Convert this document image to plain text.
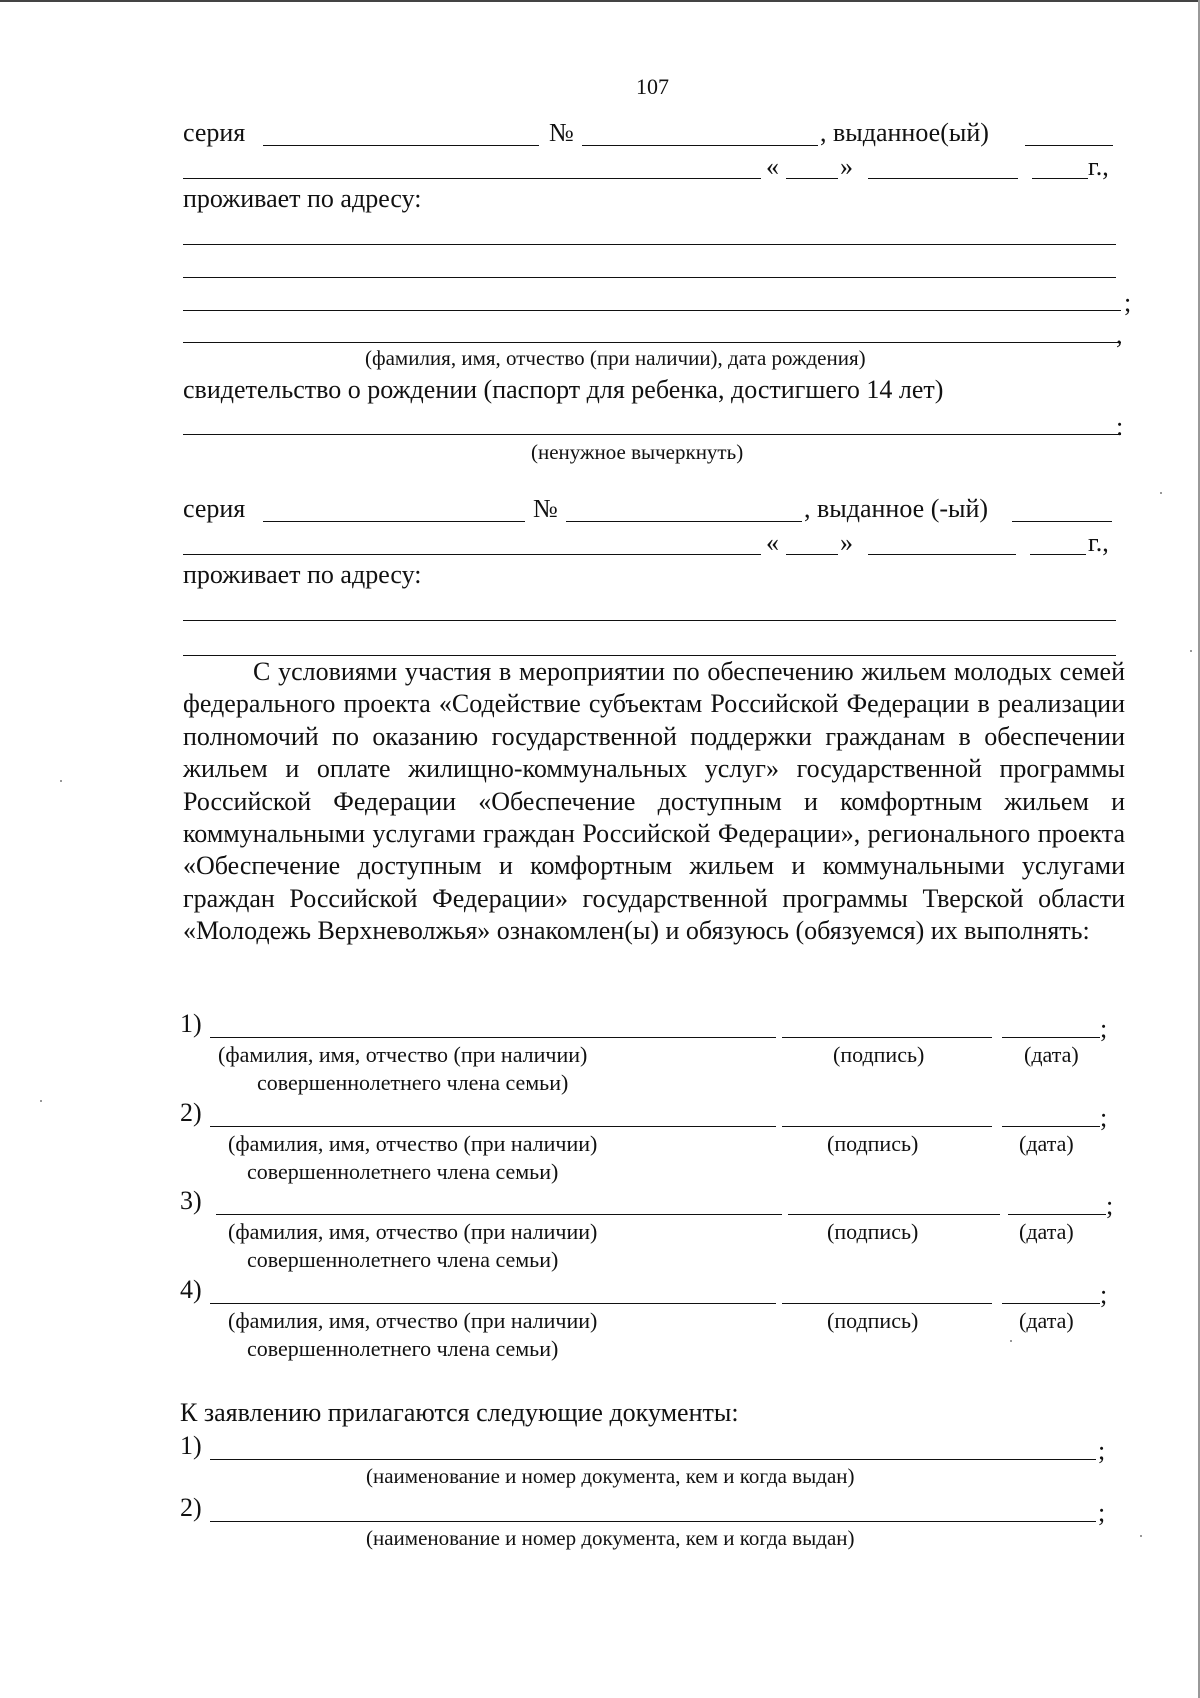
107
серия	№	, выданное(ый)
« »	г.,
проживает по адресу:
;
,
(фамилия, имя, отчество (при наличии), дата рождения)
свидетельство о рождении (паспорт для ребенка, достигшего 14 лет)
:
(ненужное вычеркнуть)
серия	№	, выданное (-ый)
« »	г.,
проживает по адресу:
С условиями участия в мероприятии по обеспечению жильем молодых семей федерального проекта «Содействие субъектам Российской Федерации в реализации полномочий по оказанию государственной поддержки гражданам в обеспечении жильем и оплате жилищно-коммунальных услуг» государственной программы Российской Федерации «Обеспечение доступным и комфортным жильем и коммунальными услугами граждан Российской Федерации», регионального проекта «Обеспечение доступным и комфортным жильем и коммунальными услугами граждан Российской Федерации» государственной программы Тверской области «Молодежь Верхневолжья» ознакомлен(ы) и обязуюсь (обязуемся) их выполнять:
1)	;
(фамилия, имя, отчество (при наличии)
совершеннолетнего члена семьи)
(подпись)	(дата)
2)	;
(фамилия, имя, отчество (при наличии)
совершеннолетнего члена семьи)
(подпись)	(дата)
3)	;
(фамилия, имя, отчество (при наличии)
совершеннолетнего члена семьи)
(подпись)	(дата)
4)	;
(фамилия, имя, отчество (при наличии)
совершеннолетнего члена семьи)
(подпись)	(дата)
К заявлению прилагаются следующие документы:
1)	;
(наименование и номер документа, кем и когда выдан)
2)	;
(наименование и номер документа, кем и когда выдан)
